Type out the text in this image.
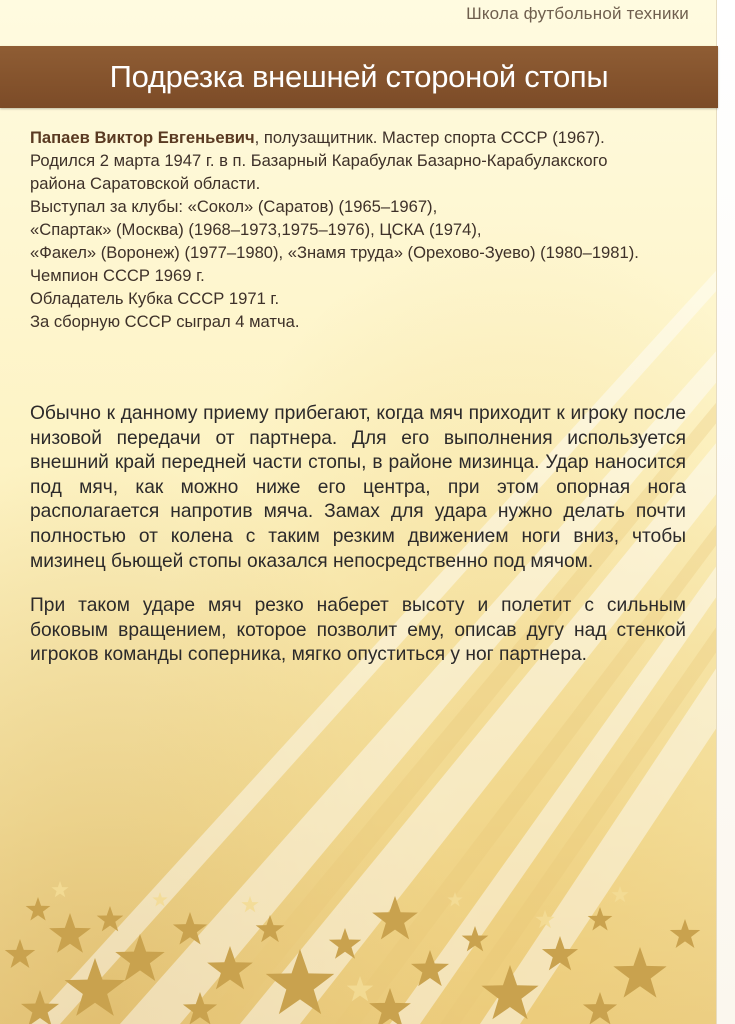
Школа футбольной техники
Подрезка внешней стороной стопы
Папаев Виктор Евгеньевич, полузащитник. Мастер спорта СССР (1967).
Родился 2 марта 1947 г. в п. Базарный Карабулак Базарно-Карабулакского
района Саратовской области.
Выступал за клубы: «Сокол» (Саратов) (1965–1967),
«Спартак» (Москва) (1968–1973,1975–1976), ЦСКА (1974),
«Факел» (Воронеж) (1977–1980), «Знамя труда» (Орехово-Зуево) (1980–1981).
Чемпион СССР 1969 г.
Обладатель Кубка СССР 1971 г.
За сборную СССР сыграл 4 матча.

Обычно к данному приему прибегают, когда мяч приходит к игроку после низовой передачи от партнера. Для его выполнения используется внешний край передней части стопы, в районе мизинца. Удар наносится под мяч, как можно ниже его центра, при этом опорная нога располагается напротив мяча. Замах для удара нужно делать почти полностью от колена с таким резким движением ноги вниз, чтобы мизинец бьющей стопы оказался непосредственно под мячом.

При таком ударе мяч резко наберет высоту и полетит с сильным боковым вращением, которое позволит ему, описав дугу над стенкой игроков команды соперника, мягко опуститься у ног партнера.
